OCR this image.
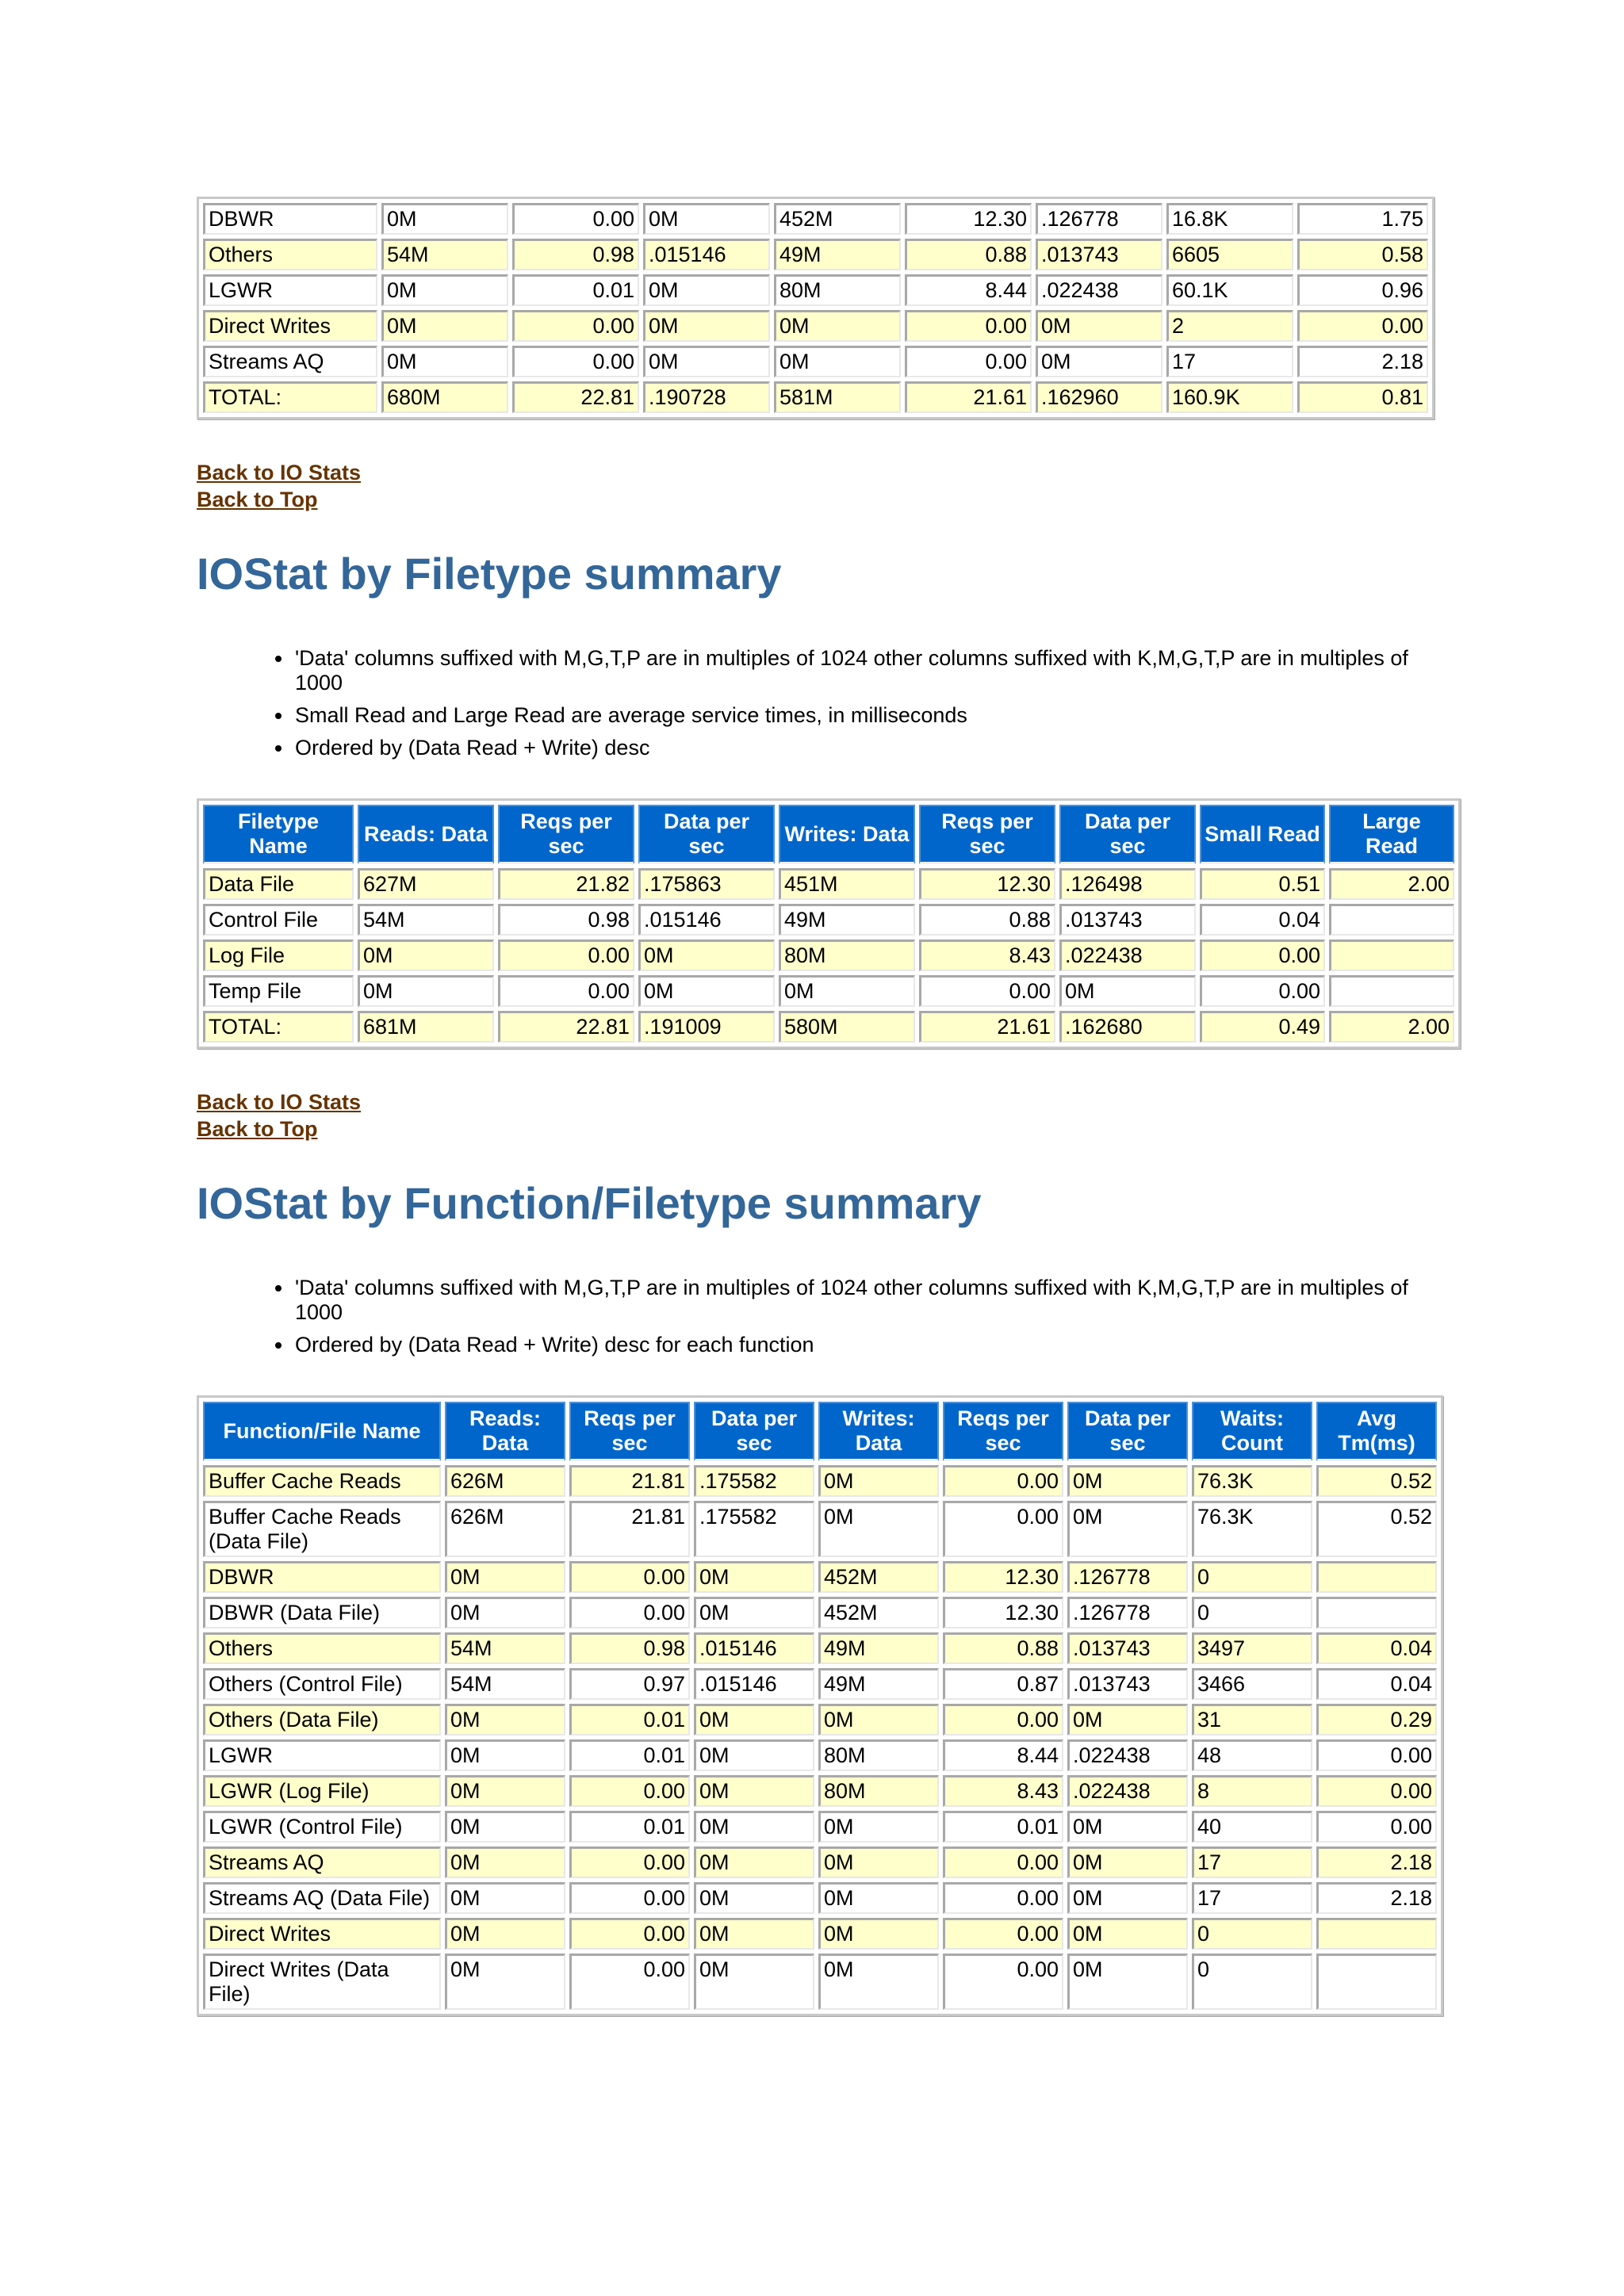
DBWR	0M	0.00	0M	452M	12.30	.126778	16.8K	1.75
Others	54M	0.98	.015146	49M	0.88	.013743	6605	0.58
LGWR	0M	0.01	0M	80M	8.44	.022438	60.1K	0.96
Direct Writes	0M	0.00	0M	0M	0.00	0M	2	0.00
Streams AQ	0M	0.00	0M	0M	0.00	0M	17	2.18
TOTAL:	680M	22.81	.190728	581M	21.61	.162960	160.9K	0.81
Back to IO Stats
Back to Top
IOStat by Filetype summary
• 'Data' columns suffixed with M,G,T,P are in multiples of 1024 other columns suffixed with K,M,G,T,P are in multiples of 1000
• Small Read and Large Read are average service times, in milliseconds
• Ordered by (Data Read + Write) desc
Filetype Name	Reads: Data	Reqs per sec	Data per sec	Writes: Data	Reqs per sec	Data per sec	Small Read	Large Read
Data File	627M	21.82	.175863	451M	12.30	.126498	0.51	2.00
Control File	54M	0.98	.015146	49M	0.88	.013743	0.04	
Log File	0M	0.00	0M	80M	8.43	.022438	0.00	
Temp File	0M	0.00	0M	0M	0.00	0M	0.00	
TOTAL:	681M	22.81	.191009	580M	21.61	.162680	0.49	2.00
Back to IO Stats
Back to Top
IOStat by Function/Filetype summary
• 'Data' columns suffixed with M,G,T,P are in multiples of 1024 other columns suffixed with K,M,G,T,P are in multiples of 1000
• Ordered by (Data Read + Write) desc for each function
Function/File Name	Reads: Data	Reqs per sec	Data per sec	Writes: Data	Reqs per sec	Data per sec	Waits: Count	Avg Tm(ms)
Buffer Cache Reads	626M	21.81	.175582	0M	0.00	0M	76.3K	0.52
Buffer Cache Reads (Data File)	626M	21.81	.175582	0M	0.00	0M	76.3K	0.52
DBWR	0M	0.00	0M	452M	12.30	.126778	0	
DBWR (Data File)	0M	0.00	0M	452M	12.30	.126778	0	
Others	54M	0.98	.015146	49M	0.88	.013743	3497	0.04
Others (Control File)	54M	0.97	.015146	49M	0.87	.013743	3466	0.04
Others (Data File)	0M	0.01	0M	0M	0.00	0M	31	0.29
LGWR	0M	0.01	0M	80M	8.44	.022438	48	0.00
LGWR (Log File)	0M	0.00	0M	80M	8.43	.022438	8	0.00
LGWR (Control File)	0M	0.01	0M	0M	0.01	0M	40	0.00
Streams AQ	0M	0.00	0M	0M	0.00	0M	17	2.18
Streams AQ (Data File)	0M	0.00	0M	0M	0.00	0M	17	2.18
Direct Writes	0M	0.00	0M	0M	0.00	0M	0	
Direct Writes (Data File)	0M	0.00	0M	0M	0.00	0M	0	
